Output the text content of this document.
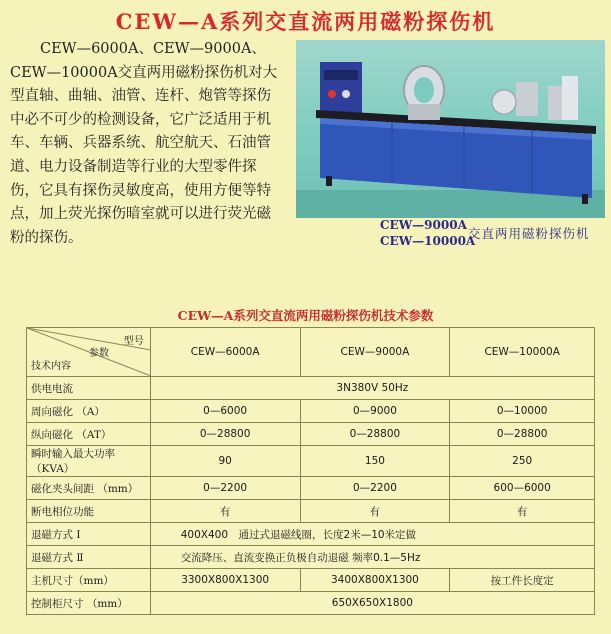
CEW—A系列交直流两用磁粉探伤机

CEW—6000A、CEW—9000A、CEW—10000A交直两用磁粉探伤机对大型直轴、曲轴、油管、连杆、炮管等探伤中必不可少的检测设备，它广泛适用于机车、车辆、兵器系统、航空航天、石油管道、电力设备制造等行业的大型零件探伤，它具有探伤灵敏度高，使用方便等特点，加上荧光探伤暗室就可以进行荧光磁粉的探伤。

CEW—9000A
CEW—10000A
交直两用磁粉探伤机

CEW—A系列交直流两用磁粉探伤机技术参数

型号
参数
技术内容	CEW—6000A	CEW—9000A	CEW—10000A
供电电流	3N380V 50Hz		
周向磁化 （A）	0—6000	0—9000	0—10000
纵向磁化 （AT）	0—28800	0—28800	0—28800
瞬时输入最大功率（KVA）	90	150	250
磁化夹头间距 （mm）	0—2200	0—2200	600—6000
断电相位功能	有	有	有
退磁方式 Ⅰ	400X400　通过式退磁线圈，长度2米—10米定做		
退磁方式 Ⅱ	交流降压、直流变换正负极自动退磁 频率0.1—5Hz		
主机尺寸（mm）	3300X800X1300	3400X800X1300	按工件长度定
控制柜尺寸 （mm）	650X650X1800		
